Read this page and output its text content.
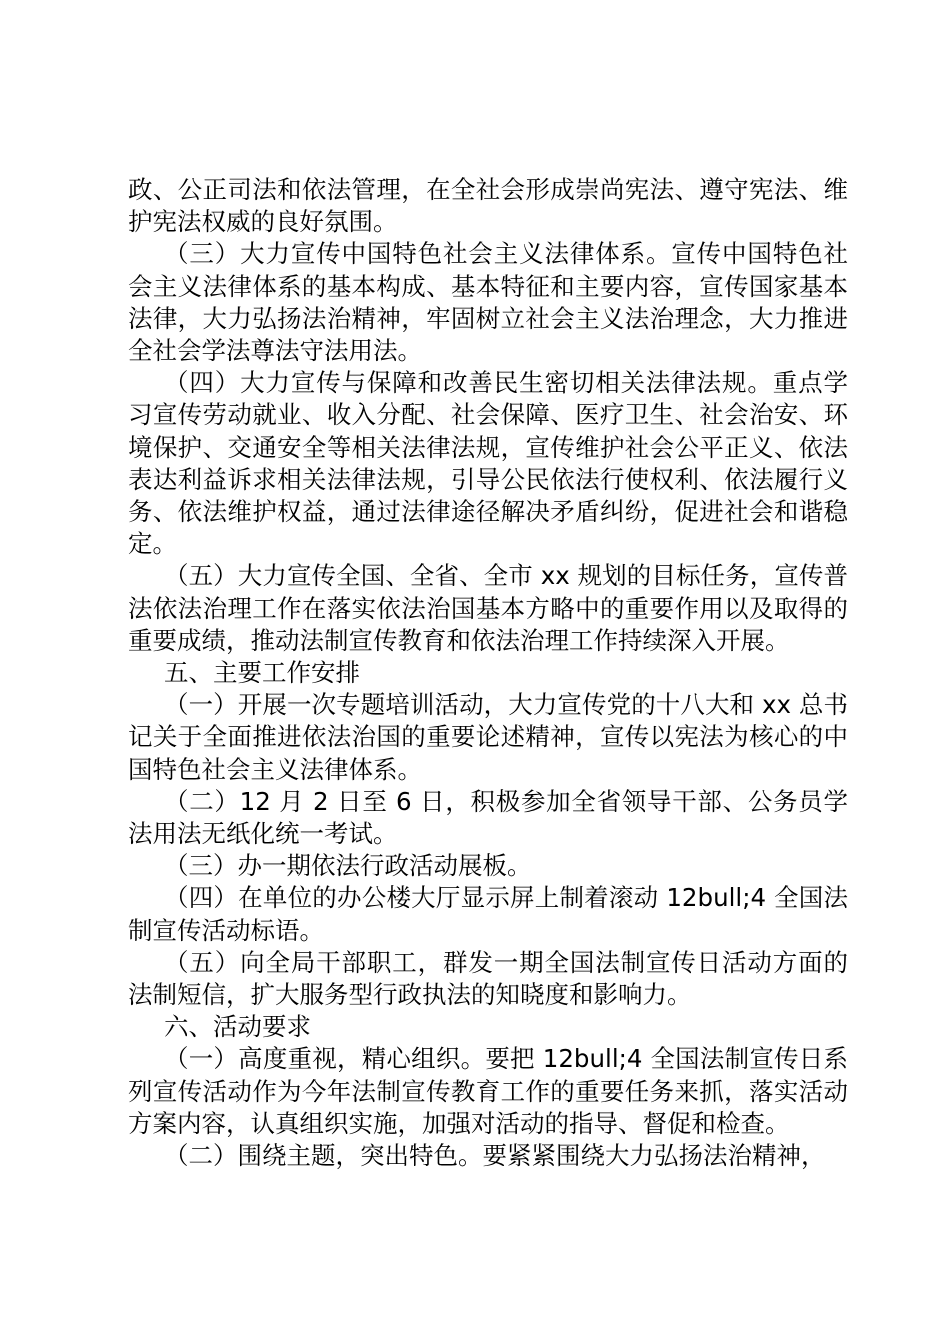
政、公正司法和依法管理，在全社会形成崇尚宪法、遵守宪法、维护宪法权威的良好氛围。

（三）大力宣传中国特色社会主义法律体系。宣传中国特色社会主义法律体系的基本构成、基本特征和主要内容，宣传国家基本法律，大力弘扬法治精神，牢固树立社会主义法治理念，大力推进全社会学法尊法守法用法。

（四）大力宣传与保障和改善民生密切相关法律法规。重点学习宣传劳动就业、收入分配、社会保障、医疗卫生、社会治安、环境保护、交通安全等相关法律法规，宣传维护社会公平正义、依法表达利益诉求相关法律法规，引导公民依法行使权利、依法履行义务、依法维护权益，通过法律途径解决矛盾纠纷，促进社会和谐稳定。

（五）大力宣传全国、全省、全市 xx 规划的目标任务，宣传普法依法治理工作在落实依法治国基本方略中的重要作用以及取得的重要成绩，推动法制宣传教育和依法治理工作持续深入开展。

五、主要工作安排

（一）开展一次专题培训活动，大力宣传党的十八大和 xx 总书记关于全面推进依法治国的重要论述精神，宣传以宪法为核心的中国特色社会主义法律体系。

（二）12 月 2 日至 6 日，积极参加全省领导干部、公务员学法用法无纸化统一考试。

（三）办一期依法行政活动展板。

（四）在单位的办公楼大厅显示屏上制着滚动 12bull;4 全国法制宣传活动标语。

（五）向全局干部职工，群发一期全国法制宣传日活动方面的法制短信，扩大服务型行政执法的知晓度和影响力。

六、活动要求

（一）高度重视，精心组织。要把 12bull;4 全国法制宣传日系列宣传活动作为今年法制宣传教育工作的重要任务来抓，落实活动方案内容，认真组织实施，加强对活动的指导、督促和检查。

（二）围绕主题，突出特色。要紧紧围绕大力弘扬法治精神，
